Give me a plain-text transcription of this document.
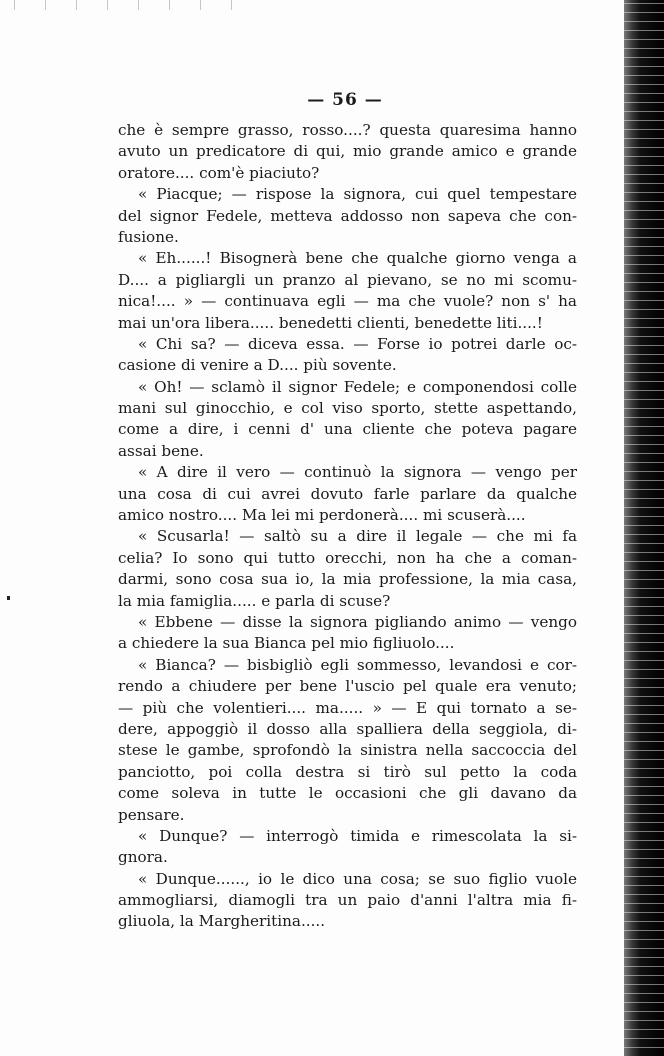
— 56 —
che è sempre grasso, rosso....? questa quaresima hanno
avuto un predicatore di qui, mio grande amico e grande
oratore.... com'è piaciuto?
« Piacque; — rispose la signora, cui quel tempestare
del signor Fedele, metteva addosso non sapeva che con-
fusione.
« Eh......! Bisognerà bene che qualche giorno venga a
D.... a pigliargli un pranzo al pievano, se no mi scomu-
nica!.... » — continuava egli — ma che vuole? non s' ha
mai un'ora libera..... benedetti clienti, benedette liti....!
« Chi sa? — diceva essa. — Forse io potrei darle oc-
casione di venire a D.... più sovente.
« Oh! — sclamò il signor Fedele; e componendosi colle
mani sul ginocchio, e col viso sporto, stette aspettando,
come a dire, i cenni d' una cliente che poteva pagare
assai bene.
« A dire il vero — continuò la signora — vengo per
una cosa di cui avrei dovuto farle parlare da qualche
amico nostro.... Ma lei mi perdonerà.... mi scuserà....
« Scusarla! — saltò su a dire il legale — che mi fa
celia? Io sono qui tutto orecchi, non ha che a coman-
darmi, sono cosa sua io, la mia professione, la mia casa,
la mia famiglia..... e parla di scuse?
« Ebbene — disse la signora pigliando animo — vengo
a chiedere la sua Bianca pel mio figliuolo....
« Bianca? — bisbigliò egli sommesso, levandosi e cor-
rendo a chiudere per bene l'uscio pel quale era venuto;
— più che volentieri.... ma..... » — E qui tornato a se-
dere, appoggiò il dosso alla spalliera della seggiola, di-
stese le gambe, sprofondò la sinistra nella saccoccia del
panciotto, poi colla destra si tirò sul petto la coda
come soleva in tutte le occasioni che gli davano da
pensare.
« Dunque? — interrogò timida e rimescolata la si-
gnora.
« Dunque......, io le dico una cosa; se suo figlio vuole
ammogliarsi, diamogli tra un paio d'anni l'altra mia fi-
gliuola, la Margheritina.....
